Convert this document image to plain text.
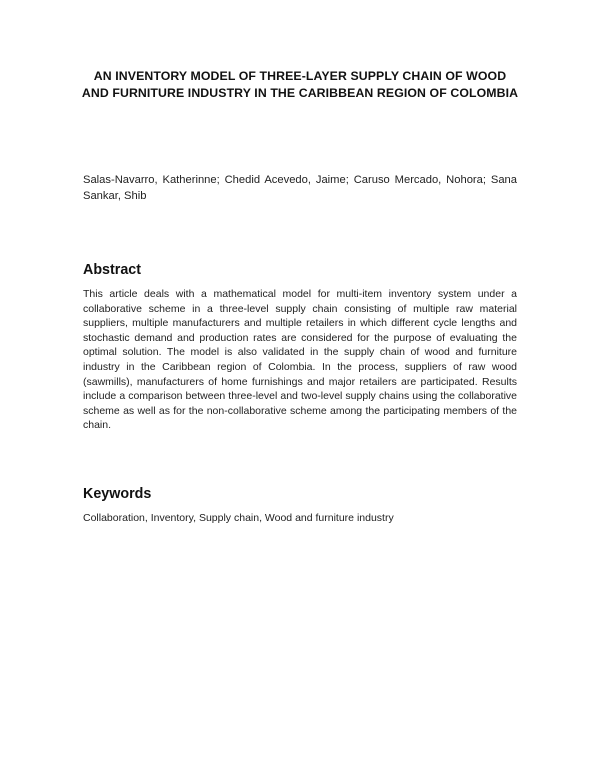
AN INVENTORY MODEL OF THREE-LAYER SUPPLY CHAIN OF WOOD AND FURNITURE INDUSTRY IN THE CARIBBEAN REGION OF COLOMBIA
Salas-Navarro, Katherinne; Chedid Acevedo, Jaime; Caruso Mercado, Nohora; Sana Sankar, Shib
Abstract
This article deals with a mathematical model for multi-item inventory system under a collaborative scheme in a three-level supply chain consisting of multiple raw material suppliers, multiple manufacturers and multiple retailers in which different cycle lengths and stochastic demand and production rates are considered for the purpose of evaluating the optimal solution. The model is also validated in the supply chain of wood and furniture industry in the Caribbean region of Colombia. In the process, suppliers of raw wood (sawmills), manufacturers of home furnishings and major retailers are participated. Results include a comparison between three-level and two-level supply chains using the collaborative scheme as well as for the non-collaborative scheme among the participating members of the chain.
Keywords
Collaboration, Inventory, Supply chain, Wood and furniture industry
